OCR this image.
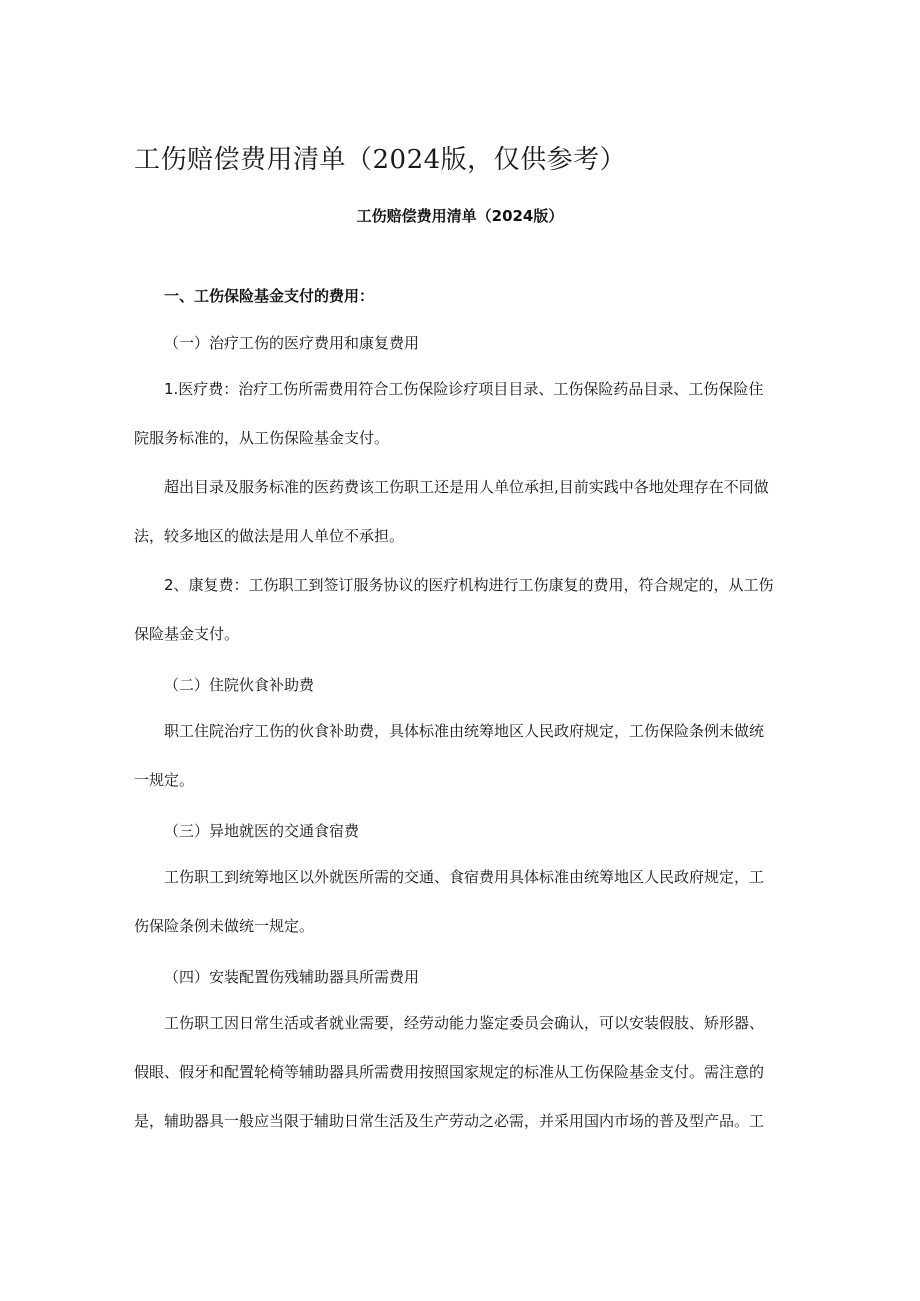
工伤赔偿费用清单（2024版，仅供参考）
工伤赔偿费用清单（2024版）

一、工伤保险基金支付的费用：

（一）治疗工伤的医疗费用和康复费用

1.医疗费：治疗工伤所需费用符合工伤保险诊疗项目目录、工伤保险药品目录、工伤保险住
院服务标准的，从工伤保险基金支付。
超出目录及服务标准的医药费该工伤职工还是用人单位承担,目前实践中各地处理存在不同做
法，较多地区的做法是用人单位不承担。
2、康复费：工伤职工到签订服务协议的医疗机构进行工伤康复的费用，符合规定的，从工伤
保险基金支付。

（二）住院伙食补助费

职工住院治疗工伤的伙食补助费，具体标准由统筹地区人民政府规定，工伤保险条例未做统
一规定。

（三）异地就医的交通食宿费

工伤职工到统筹地区以外就医所需的交通、食宿费用具体标准由统筹地区人民政府规定，工
伤保险条例未做统一规定。

（四）安装配置伤残辅助器具所需费用

工伤职工因日常生活或者就业需要，经劳动能力鉴定委员会确认，可以安装假肢、矫形器、
假眼、假牙和配置轮椅等辅助器具所需费用按照国家规定的标准从工伤保险基金支付。需注意的
是，辅助器具一般应当限于辅助日常生活及生产劳动之必需，并采用国内市场的普及型产品。工
